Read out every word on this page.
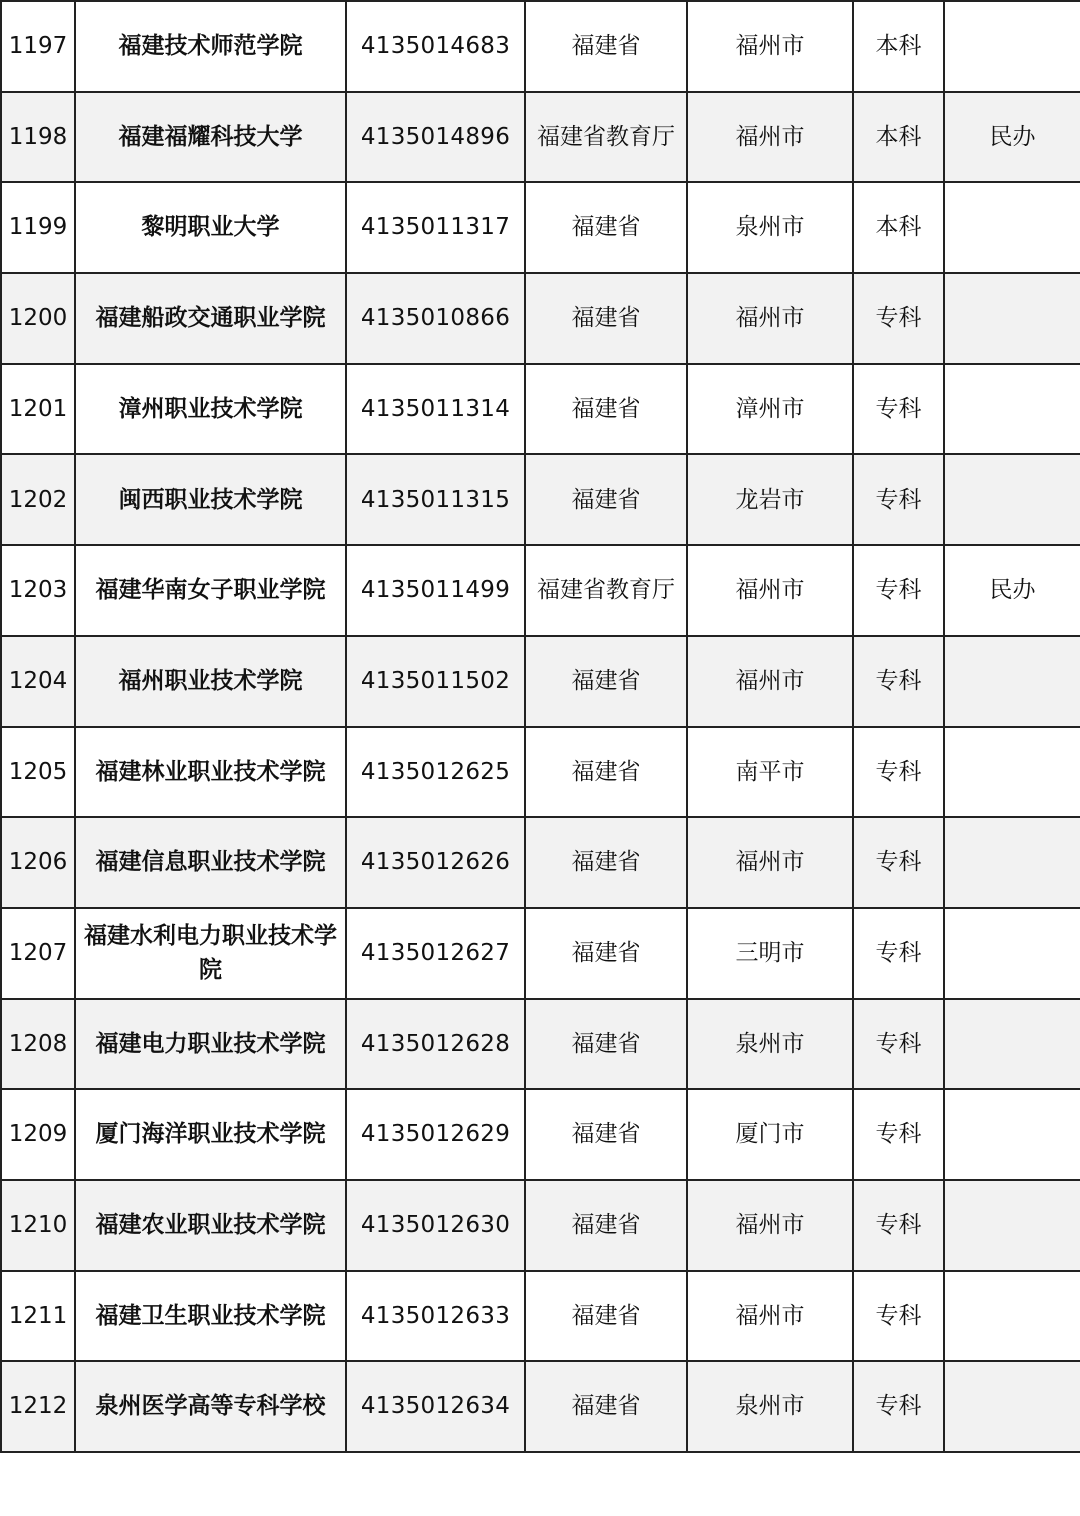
1197	福建技术师范学院	4135014683	福建省	福州市	本科	
1198	福建福耀科技大学	4135014896	福建省教育厅	福州市	本科	民办
1199	黎明职业大学	4135011317	福建省	泉州市	本科	
1200	福建船政交通职业学院	4135010866	福建省	福州市	专科	
1201	漳州职业技术学院	4135011314	福建省	漳州市	专科	
1202	闽西职业技术学院	4135011315	福建省	龙岩市	专科	
1203	福建华南女子职业学院	4135011499	福建省教育厅	福州市	专科	民办
1204	福州职业技术学院	4135011502	福建省	福州市	专科	
1205	福建林业职业技术学院	4135012625	福建省	南平市	专科	
1206	福建信息职业技术学院	4135012626	福建省	福州市	专科	
1207	福建水利电力职业技术学院	4135012627	福建省	三明市	专科	
1208	福建电力职业技术学院	4135012628	福建省	泉州市	专科	
1209	厦门海洋职业技术学院	4135012629	福建省	厦门市	专科	
1210	福建农业职业技术学院	4135012630	福建省	福州市	专科	
1211	福建卫生职业技术学院	4135012633	福建省	福州市	专科	
1212	泉州医学高等专科学校	4135012634	福建省	泉州市	专科	
